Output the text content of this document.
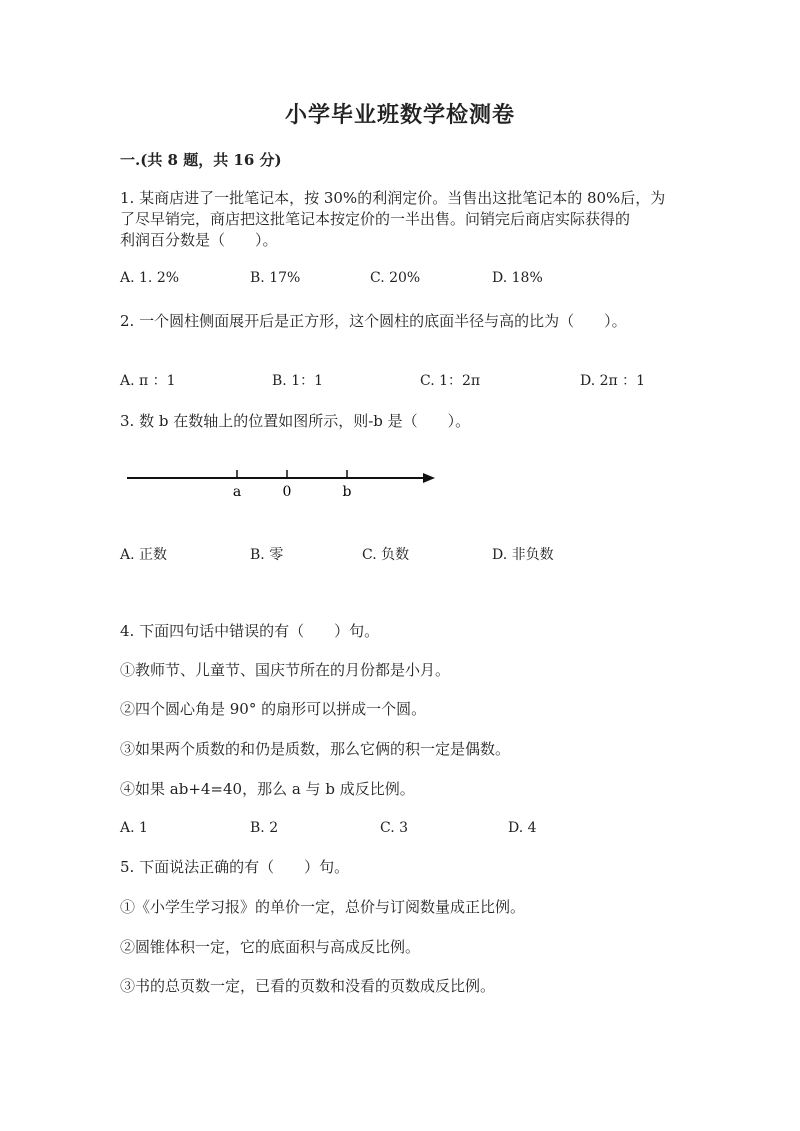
小学毕业班数学检测卷
一.(共 8 题，共 16 分)
1. 某商店进了一批笔记本，按 30%的利润定价。当售出这批笔记本的 80%后，为
了尽早销完，商店把这批笔记本按定价的一半出售。问销完后商店实际获得的
利润百分数是（　　）。
A. 1. 2%	B. 17%	C. 20%	D. 18%
2. 一个圆柱侧面展开后是正方形，这个圆柱的底面半径与高的比为（　　）。
A. π ：1	B. 1：1	C. 1：2π	D. 2π ：1
3. 数 b 在数轴上的位置如图所示，则-b 是（　　）。
a	0	b
A. 正数	B. 零	C. 负数	D. 非负数
4. 下面四句话中错误的有（　　）句。
①教师节、儿童节、国庆节所在的月份都是小月。
②四个圆心角是 90° 的扇形可以拼成一个圆。
③如果两个质数的和仍是质数，那么它俩的积一定是偶数。
④如果 ab+4=40，那么 a 与 b 成反比例。
A. 1	B. 2	C. 3	D. 4
5. 下面说法正确的有（　　）句。
①《小学生学习报》的单价一定，总价与订阅数量成正比例。
②圆锥体积一定，它的底面积与高成反比例。
③书的总页数一定，已看的页数和没看的页数成反比例。
